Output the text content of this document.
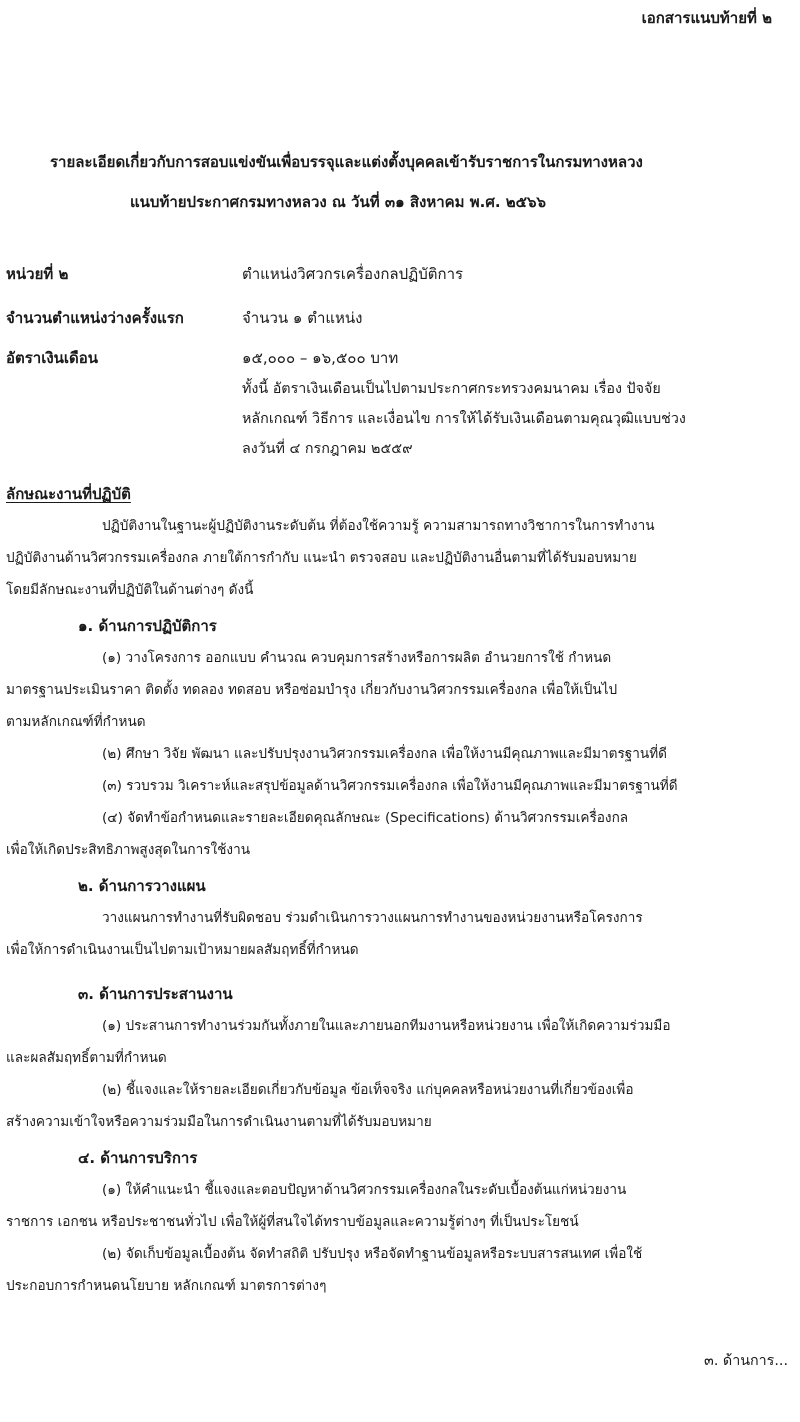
เอกสารแนบท้ายที่ ๒
รายละเอียดเกี่ยวกับการสอบแข่งขันเพื่อบรรจุและแต่งตั้งบุคคลเข้ารับราชการในกรมทางหลวง
แนบท้ายประกาศกรมทางหลวง ณ วันที่ ๓๑ สิงหาคม พ.ศ. ๒๕๖๖
หน่วยที่ ๒	ตำแหน่งวิศวกรเครื่องกลปฏิบัติการ
จำนวนตำแหน่งว่างครั้งแรก	จำนวน ๑ ตำแหน่ง
อัตราเงินเดือน	๑๕,๐๐๐ – ๑๖,๕๐๐ บาท
ทั้งนี้ อัตราเงินเดือนเป็นไปตามประกาศกระทรวงคมนาคม เรื่อง ปัจจัย
หลักเกณฑ์ วิธีการ และเงื่อนไข การให้ได้รับเงินเดือนตามคุณวุฒิแบบช่วง
ลงวันที่ ๔ กรกฎาคม ๒๕๕๙
ลักษณะงานที่ปฏิบัติ
ปฏิบัติงานในฐานะผู้ปฏิบัติงานระดับต้น ที่ต้องใช้ความรู้ ความสามารถทางวิชาการในการทำงาน
ปฏิบัติงานด้านวิศวกรรมเครื่องกล ภายใต้การกำกับ แนะนำ ตรวจสอบ และปฏิบัติงานอื่นตามที่ได้รับมอบหมาย
โดยมีลักษณะงานที่ปฏิบัติในด้านต่างๆ ดังนี้
๑. ด้านการปฏิบัติการ
(๑) วางโครงการ ออกแบบ คำนวณ ควบคุมการสร้างหรือการผลิต อำนวยการใช้ กำหนด
มาตรฐานประเมินราคา ติดตั้ง ทดลอง ทดสอบ หรือซ่อมบำรุง เกี่ยวกับงานวิศวกรรมเครื่องกล เพื่อให้เป็นไป
ตามหลักเกณฑ์ที่กำหนด
(๒) ศึกษา วิจัย พัฒนา และปรับปรุงงานวิศวกรรมเครื่องกล เพื่อให้งานมีคุณภาพและมีมาตรฐานที่ดี
(๓) รวบรวม วิเคราะห์และสรุปข้อมูลด้านวิศวกรรมเครื่องกล เพื่อให้งานมีคุณภาพและมีมาตรฐานที่ดี
(๔) จัดทำข้อกำหนดและรายละเอียดคุณลักษณะ (Specifications) ด้านวิศวกรรมเครื่องกล
เพื่อให้เกิดประสิทธิภาพสูงสุดในการใช้งาน
๒. ด้านการวางแผน
วางแผนการทำงานที่รับผิดชอบ ร่วมดำเนินการวางแผนการทำงานของหน่วยงานหรือโครงการ
เพื่อให้การดำเนินงานเป็นไปตามเป้าหมายผลสัมฤทธิ์ที่กำหนด
๓. ด้านการประสานงาน
(๑) ประสานการทำงานร่วมกันทั้งภายในและภายนอกทีมงานหรือหน่วยงาน เพื่อให้เกิดความร่วมมือ
และผลสัมฤทธิ์ตามที่กำหนด
(๒) ชี้แจงและให้รายละเอียดเกี่ยวกับข้อมูล ข้อเท็จจริง แก่บุคคลหรือหน่วยงานที่เกี่ยวข้องเพื่อ
สร้างความเข้าใจหรือความร่วมมือในการดำเนินงานตามที่ได้รับมอบหมาย
๔. ด้านการบริการ
(๑) ให้คำแนะนำ ชี้แจงและตอบปัญหาด้านวิศวกรรมเครื่องกลในระดับเบื้องต้นแก่หน่วยงาน
ราชการ เอกชน หรือประชาชนทั่วไป เพื่อให้ผู้ที่สนใจได้ทราบข้อมูลและความรู้ต่างๆ ที่เป็นประโยชน์
(๒) จัดเก็บข้อมูลเบื้องต้น จัดทำสถิติ ปรับปรุง หรือจัดทำฐานข้อมูลหรือระบบสารสนเทศ เพื่อใช้
ประกอบการกำหนดนโยบาย หลักเกณฑ์ มาตรการต่างๆ
๓. ด้านการ...
